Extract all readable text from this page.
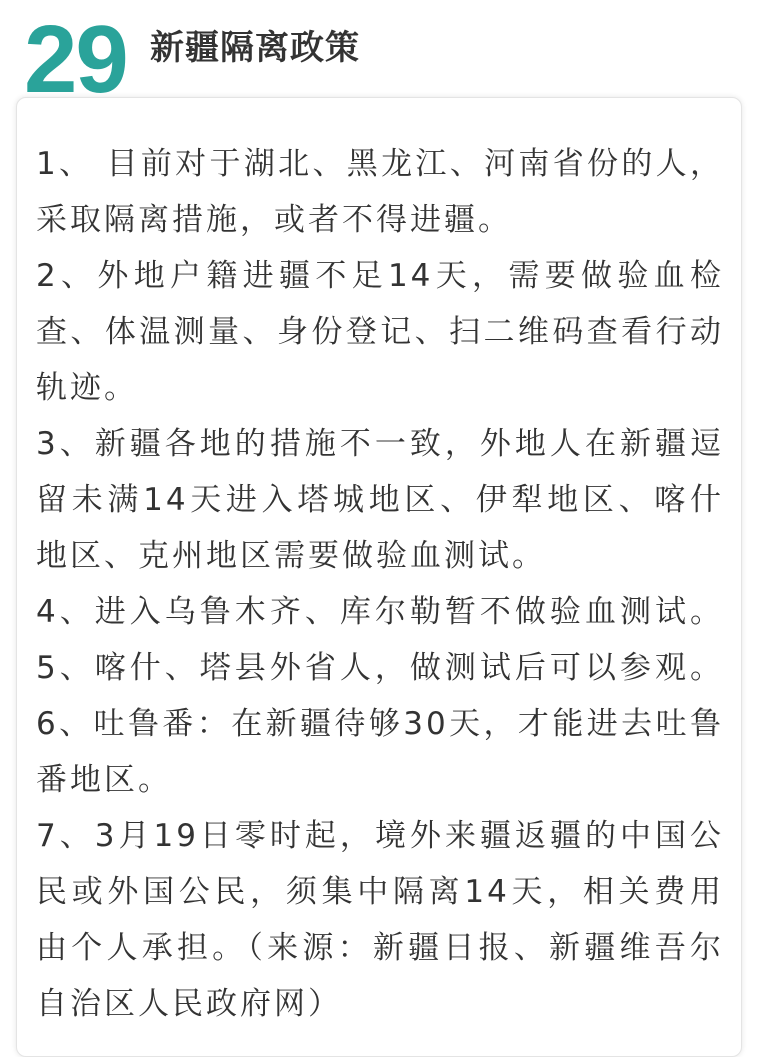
29 新疆隔离政策

1、 目前对于湖北、黑龙江、河南省份的人，采取隔离措施，或者不得进疆。

2、外地户籍进疆不足14天，需要做验血检查、体温测量、身份登记、扫二维码查看行动轨迹。

3、新疆各地的措施不一致，外地人在新疆逗留未满14天进入塔城地区、伊犁地区、喀什地区、克州地区需要做验血测试。

4、进入乌鲁木齐、库尔勒暂不做验血测试。5、喀什、塔县外省人，做测试后可以参观。6、吐鲁番：在新疆待够30天，才能进去吐鲁番地区。

7、3月19日零时起，境外来疆返疆的中国公民或外国公民，须集中隔离14天，相关费用由个人承担。（来源：新疆日报、新疆维吾尔自治区人民政府网）
